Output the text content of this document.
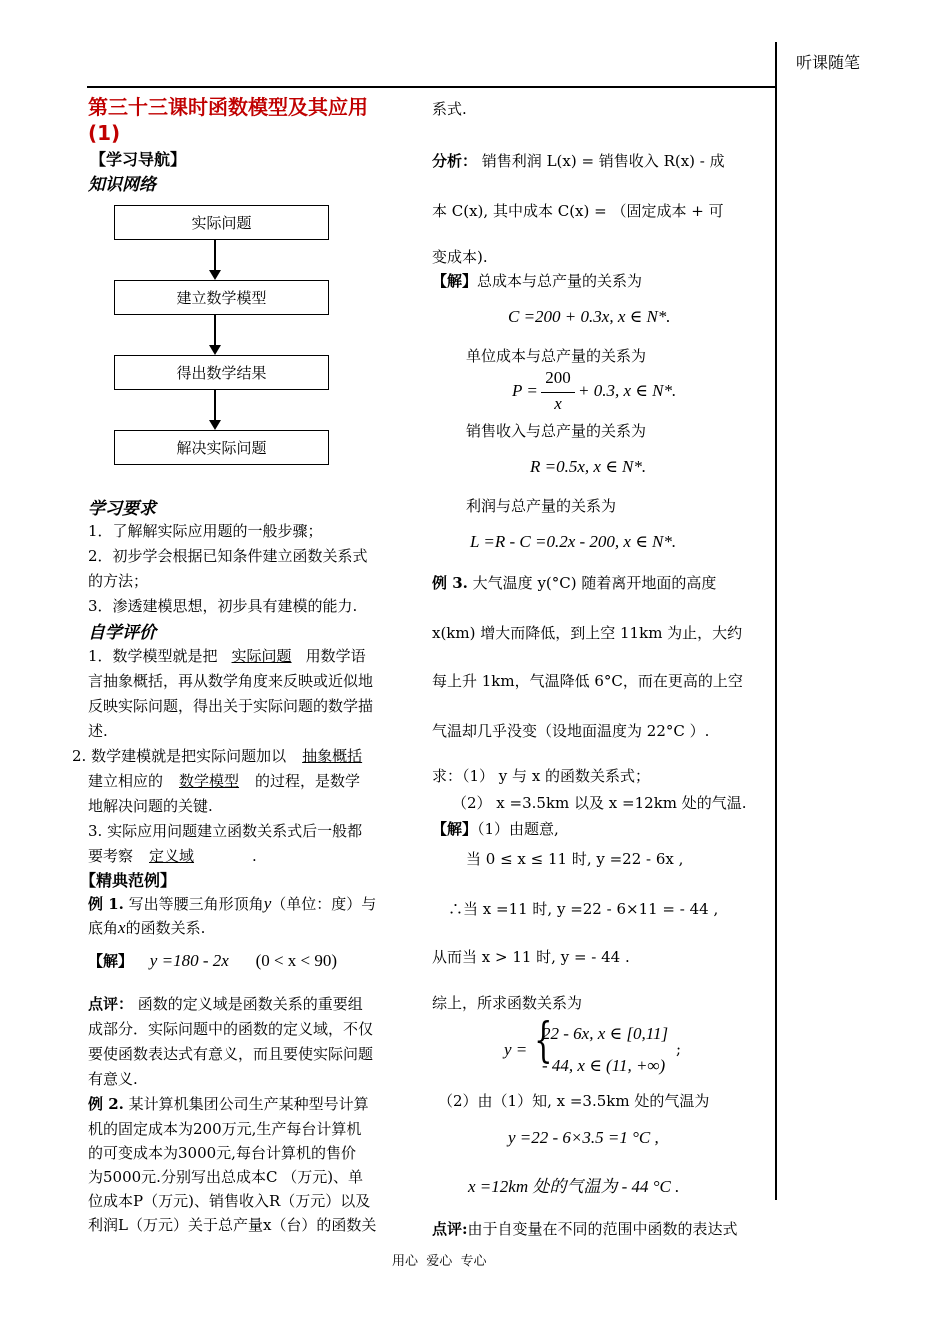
听课随笔
第三十三课时函数模型及其应用
(1)
【学习导航】
知识网络
实际问题
建立数学模型
得出数学结果
解决实际问题
学习要求
1．了解解实际应用题的一般步骤；
2．初步学会根据已知条件建立函数关系式
的方法；
3．渗透建模思想，初步具有建模的能力.
自学评价
1．数学模型就是把 实际问题 用数学语
言抽象概括，再从数学角度来反映或近似地
反映实际问题，得出关于实际问题的数学描
述.
2. 数学建模就是把实际问题加以 抽象概括
建立相应的 数学模型 的过程，是数学
地解决问题的关键.
3. 实际应用问题建立函数关系式后一般都
要考察 定义域	.
【精典范例】
例 1. 写出等腰三角形顶角y（单位：度）与
底角x的函数关系.
【解】 y =180 - 2x (0 < x < 90)
点评： 函数的定义域是函数关系的重要组
成部分．实际问题中的函数的定义域，不仅
要使函数表达式有意义，而且要使实际问题
有意义.
例 2. 某计算机集团公司生产某种型号计算
机的固定成本为200万元,生产每台计算机
的可变成本为3000元,每台计算机的售价
为5000元.分别写出总成本C （万元)、单
位成本P（万元)、销售收入R（万元）以及
利润L（万元）关于总产量x（台）的函数关
系式.
分析： 销售利润 L(x) = 销售收入 R(x) - 成
本 C(x), 其中成本 C(x) = （固定成本 + 可
变成本).
【解】总成本与总产量的关系为
C =200 + 0.3x, x ∈ N*.
单位成本与总产量的关系为
P =
200
x
+ 0.3, x ∈ N*.
销售收入与总产量的关系为
R =0.5x, x ∈ N*.
利润与总产量的关系为
L =R - C =0.2x - 200, x ∈ N*.
例 3. 大气温度 y(°C) 随着离开地面的高度
x(km) 增大而降低，到上空 11km 为止，大约
每上升 1km，气温降低 6°C，而在更高的上空
气温却几乎没变（设地面温度为 22°C ）.
求：（1） y 与 x 的函数关系式；
（2） x =3.5km 以及 x =12km 处的气温.
【解】（1）由题意,
当 0 ≤ x ≤ 11 时, y =22 - 6x ,
∴当 x =11 时, y =22 - 6×11 = - 44 ,
从而当 x > 11 时, y = - 44 .
综上，所求函数关系为
y = {
22 - 6x, x ∈ [0,11]
- 44, x ∈ (11, +∞)
;
（2）由（1）知, x =3.5km 处的气温为
y =22 - 6×3.5 =1 °C ,
x =12km 处的气温为 - 44 °C .
点评:由于自变量在不同的范围中函数的表达式
用心  爱心  专心
